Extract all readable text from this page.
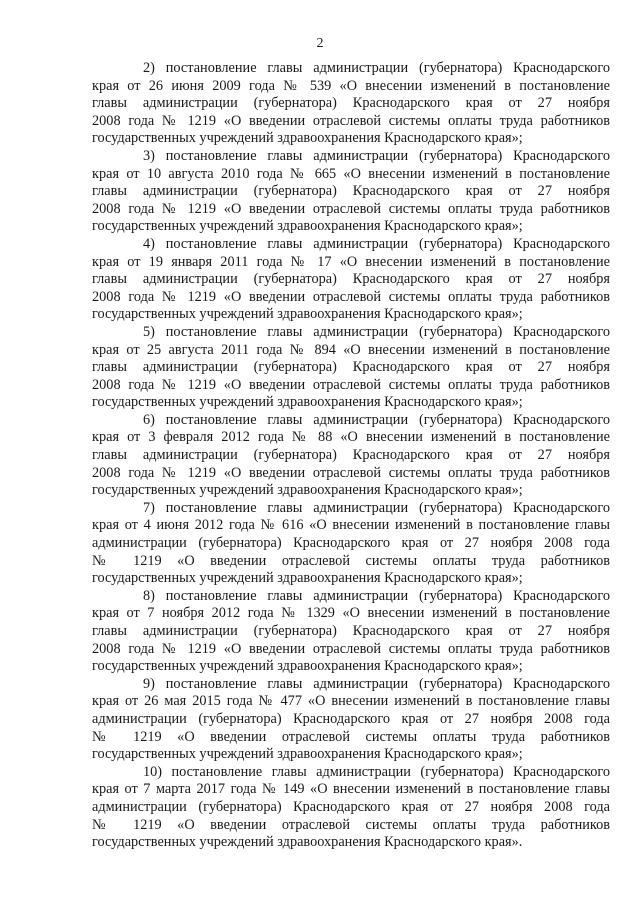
2
2) постановление главы администрации (губернатора) Краснодарского
края от 26 июня 2009 года № 539 «О внесении изменений в постановление
главы администрации (губернатора) Краснодарского края от 27 ноября
2008 года № 1219 «О введении отраслевой системы оплаты труда работников
государственных учреждений здравоохранения Краснодарского края»;
3) постановление главы администрации (губернатора) Краснодарского
края от 10 августа 2010 года № 665 «О внесении изменений в постановление
главы администрации (губернатора) Краснодарского края от 27 ноября
2008 года № 1219 «О введении отраслевой системы оплаты труда работников
государственных учреждений здравоохранения Краснодарского края»;
4) постановление главы администрации (губернатора) Краснодарского
края от 19 января 2011 года № 17 «О внесении изменений в постановление
главы администрации (губернатора) Краснодарского края от 27 ноября
2008 года № 1219 «О введении отраслевой системы оплаты труда работников
государственных учреждений здравоохранения Краснодарского края»;
5) постановление главы администрации (губернатора) Краснодарского
края от 25 августа 2011 года № 894 «О внесении изменений в постановление
главы администрации (губернатора) Краснодарского края от 27 ноября
2008 года № 1219 «О введении отраслевой системы оплаты труда работников
государственных учреждений здравоохранения Краснодарского края»;
6) постановление главы администрации (губернатора) Краснодарского
края от 3 февраля 2012 года № 88 «О внесении изменений в постановление
главы администрации (губернатора) Краснодарского края от 27 ноября
2008 года № 1219 «О введении отраслевой системы оплаты труда работников
государственных учреждений здравоохранения Краснодарского края»;
7) постановление главы администрации (губернатора) Краснодарского
края от 4 июня 2012 года № 616 «О внесении изменений в постановление главы
администрации (губернатора) Краснодарского края от 27 ноября 2008 года
№ 1219 «О введении отраслевой системы оплаты труда работников
государственных учреждений здравоохранения Краснодарского края»;
8) постановление главы администрации (губернатора) Краснодарского
края от 7 ноября 2012 года № 1329 «О внесении изменений в постановление
главы администрации (губернатора) Краснодарского края от 27 ноября
2008 года № 1219 «О введении отраслевой системы оплаты труда работников
государственных учреждений здравоохранения Краснодарского края»;
9) постановление главы администрации (губернатора) Краснодарского
края от 26 мая 2015 года № 477 «О внесении изменений в постановление главы
администрации (губернатора) Краснодарского края от 27 ноября 2008 года
№ 1219 «О введении отраслевой системы оплаты труда работников
государственных учреждений здравоохранения Краснодарского края»;
10) постановление главы администрации (губернатора) Краснодарского
края от 7 марта 2017 года № 149 «О внесении изменений в постановление главы
администрации (губернатора) Краснодарского края от 27 ноября 2008 года
№ 1219 «О введении отраслевой системы оплаты труда работников
государственных учреждений здравоохранения Краснодарского края».
